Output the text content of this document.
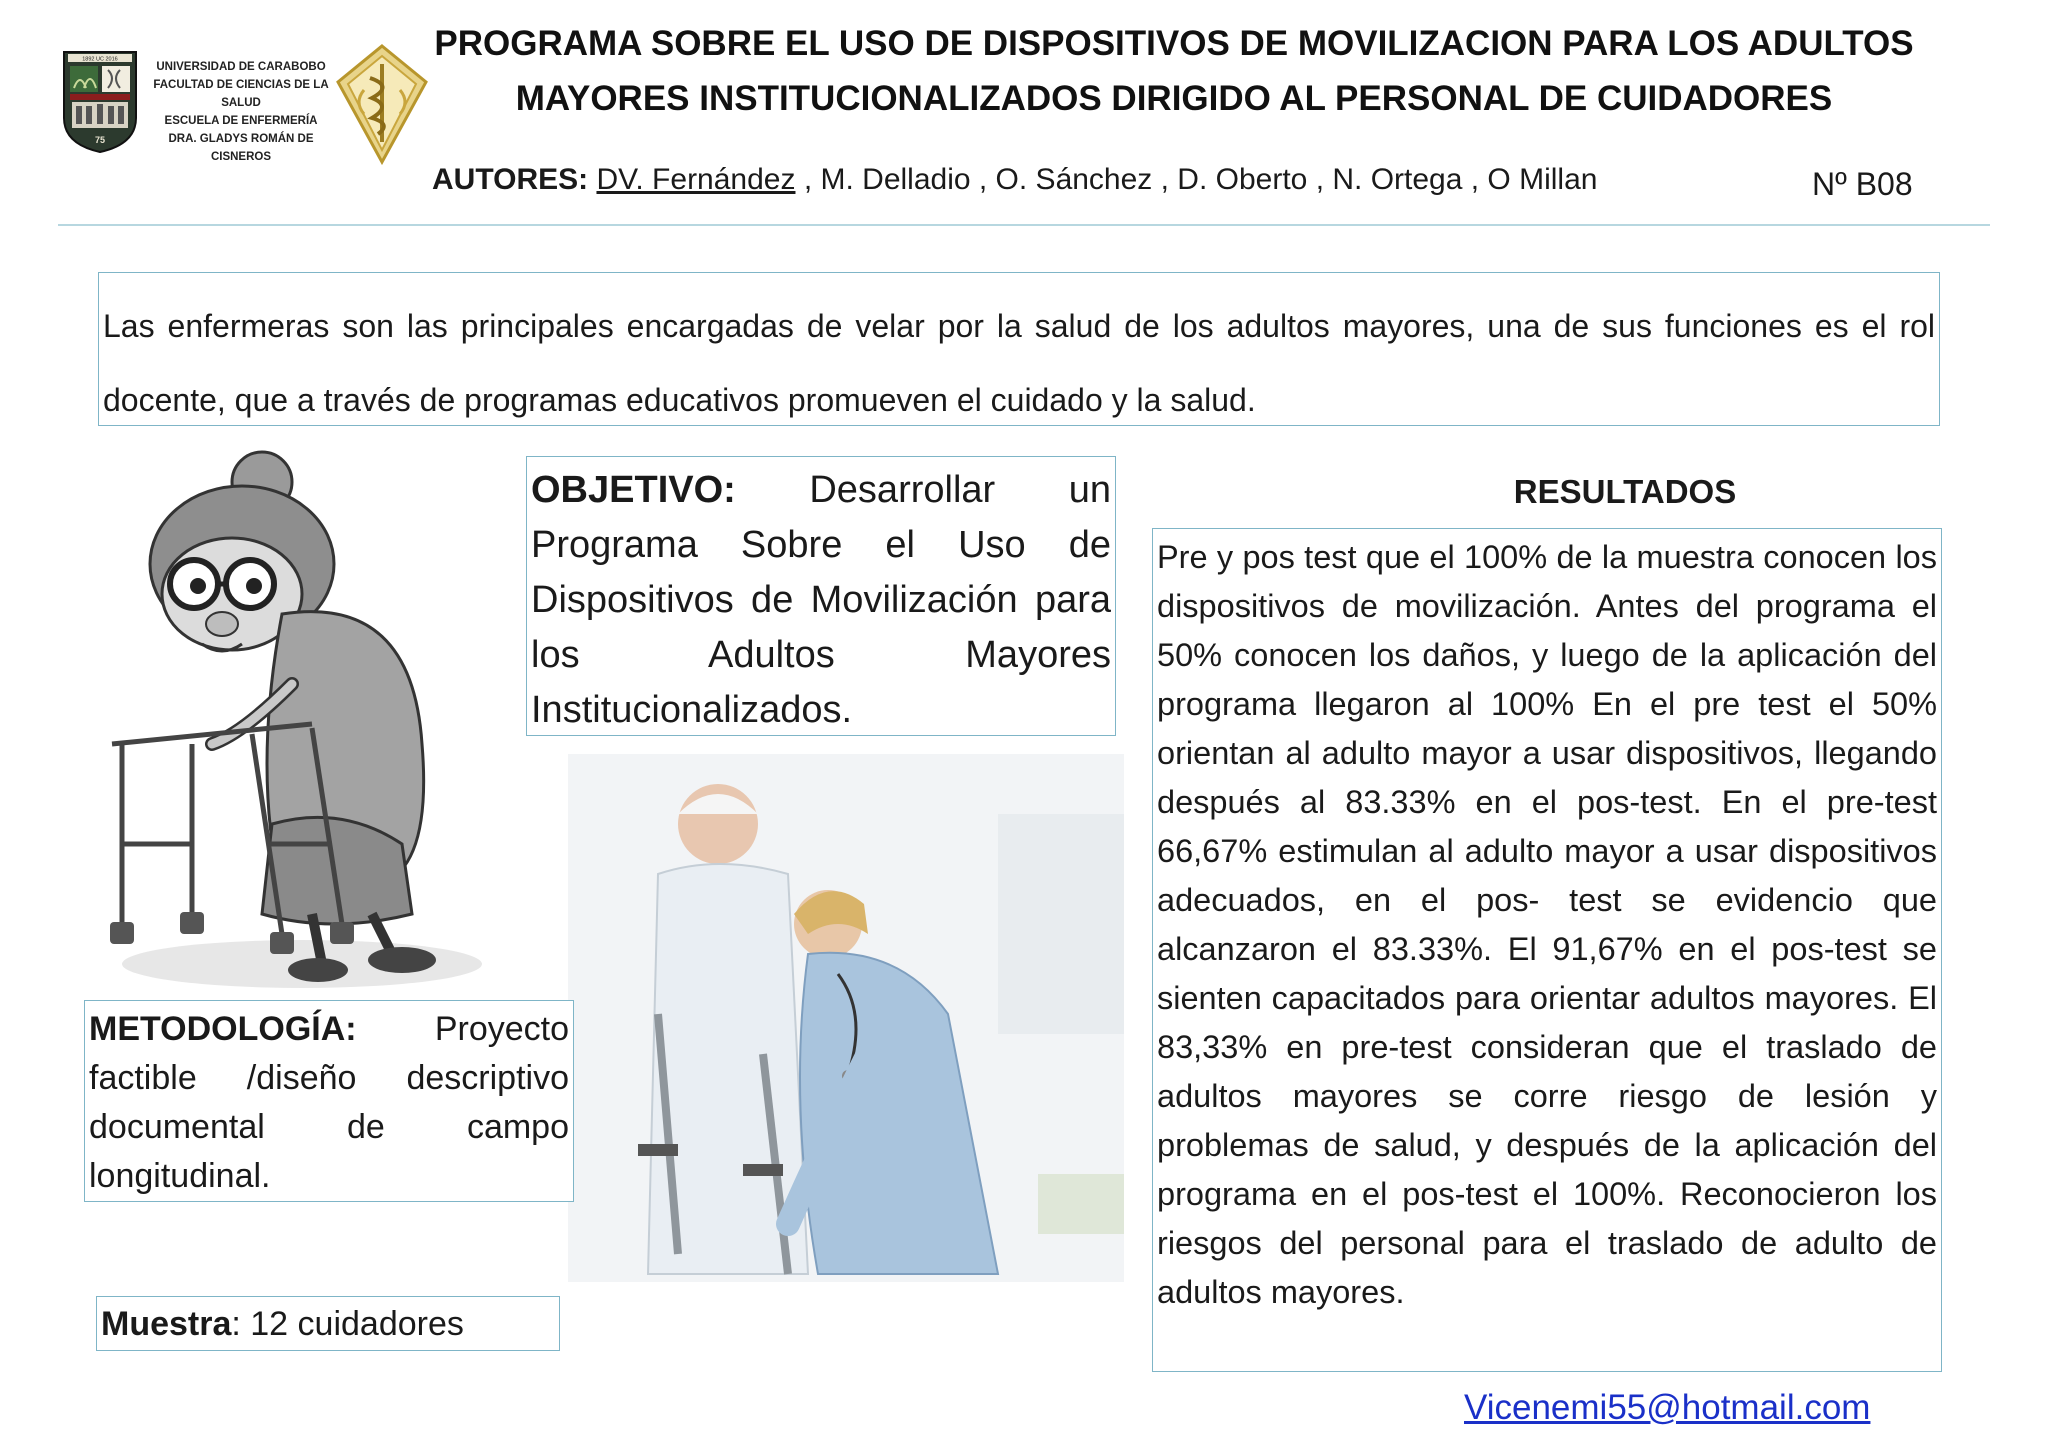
1892 UC 2016
75
UNIVERSIDAD DE CARABOBO
FACULTAD DE CIENCIAS DE LA
SALUD
ESCUELA DE ENFERMERÍA
DRA. GLADYS ROMÁN DE
CISNEROS
PROGRAMA SOBRE EL USO DE DISPOSITIVOS DE MOVILIZACION PARA LOS ADULTOS
MAYORES INSTITUCIONALIZADOS DIRIGIDO AL PERSONAL DE CUIDADORES
AUTORES: DV. Fernández , M. Delladio , O. Sánchez , D. Oberto , N. Ortega , O Millan	Nº B08
Las enfermeras son las principales encargadas de velar por la salud de los adultos mayores, una de sus funciones es el rol docente, que a través de programas educativos promueven el cuidado y la salud.
OBJETIVO: Desarrollar un Programa Sobre el Uso de Dispositivos de Movilización para los Adultos Mayores Institucionalizados.
RESULTADOS
Pre y pos test que el 100% de la muestra conocen los dispositivos de movilización. Antes del programa el 50% conocen los daños, y luego de la aplicación del programa llegaron al 100% En el pre test el 50% orientan al adulto mayor a usar dispositivos, llegando después al 83.33% en el pos-test. En el pre-test 66,67% estimulan al adulto mayor a usar dispositivos adecuados, en el pos- test se evidencio que alcanzaron el 83.33%. El 91,67% en el pos-test se sienten capacitados para orientar adultos mayores. El 83,33% en pre-test consideran que el traslado de adultos mayores se corre riesgo de lesión y problemas de salud, y después de la aplicación del programa en el pos-test el 100%. Reconocieron los riesgos del personal para el traslado de adulto de adultos mayores.
METODOLOGÍA: Proyecto factible /diseño descriptivo documental de campo longitudinal.
Muestra: 12 cuidadores
Vicenemi55@hotmail.com
